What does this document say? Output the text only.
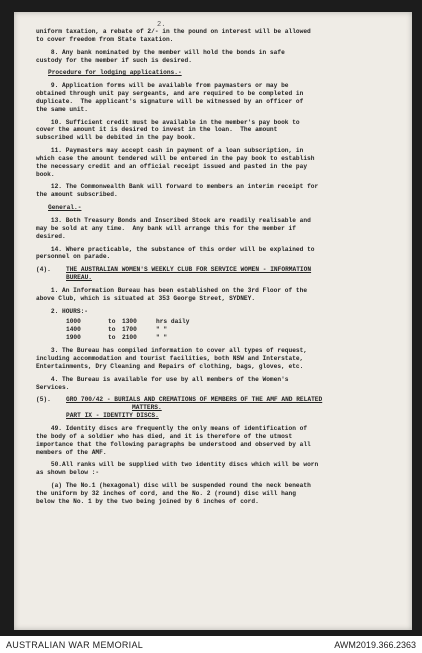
2.
uniform taxation, a rebate of 2/- in the pound on interest will be allowed
to cover freedom from State taxation.
8. Any bank nominated by the member will hold the bonds in safe
custody for the member if such is desired.
Procedure for lodging applications.-
9. Application forms will be available from paymasters or may be
obtained through unit pay sergeants, and are required to be completed in
duplicate.  The applicant's signature will be witnessed by an officer of
the same unit.
10. Sufficient credit must be available in the member's pay book to
cover the amount it is desired to invest in the loan.  The amount
subscribed will be debited in the pay book.
11. Paymasters may accept cash in payment of a loan subscription, in
which case the amount tendered will be entered in the pay book to establish
the necessary credit and an official receipt issued and pasted in the pay
book.
12. The Commonwealth Bank will forward to members an interim receipt for
the amount subscribed.
General.-
13. Both Treasury Bonds and Inscribed Stock are readily realisable and
may be sold at any time.  Any bank will arrange this for the member if
desired.
14. Where practicable, the substance of this order will be explained to
personnel on parade.
(4).	THE AUSTRALIAN WOMEN'S WEEKLY CLUB FOR SERVICE WOMEN - INFORMATION
BUREAU.
1. An Information Bureau has been established on the 3rd Floor of the
above Club, which is situated at 353 George Street, SYDNEY.
2. HOURS:-
1000	to	1300	hrs daily
1400	to	1700	" "
1900	to	2100	" "
3. The Bureau has compiled information to cover all types of request,
including accommodation and tourist facilities, both NSW and Interstate,
Entertainments, Dry Cleaning and Repairs of clothing, bags, gloves, etc.
4. The Bureau is available for use by all members of the Women's
Services.
(5).	GRO 700/42 - BURIALS AND CREMATIONS OF MEMBERS OF THE AMF AND RELATED
MATTERS.
PART IX - IDENTITY DISCS.
49. Identity discs are frequently the only means of identification of
the body of a soldier who has died, and it is therefore of the utmost
importance that the following paragraphs be understood and observed by all
members of the AMF.
50.All ranks will be supplied with two identity discs which will be worn
as shown below :-
(a) The No.1 (hexagonal) disc will be suspended round the neck beneath
the uniform by 32 inches of cord, and the No. 2 (round) disc will hang
below the No. 1 by the two being joined by 6 inches of cord.
AUSTRALIAN WAR MEMORIAL	AWM2019.366.2363
